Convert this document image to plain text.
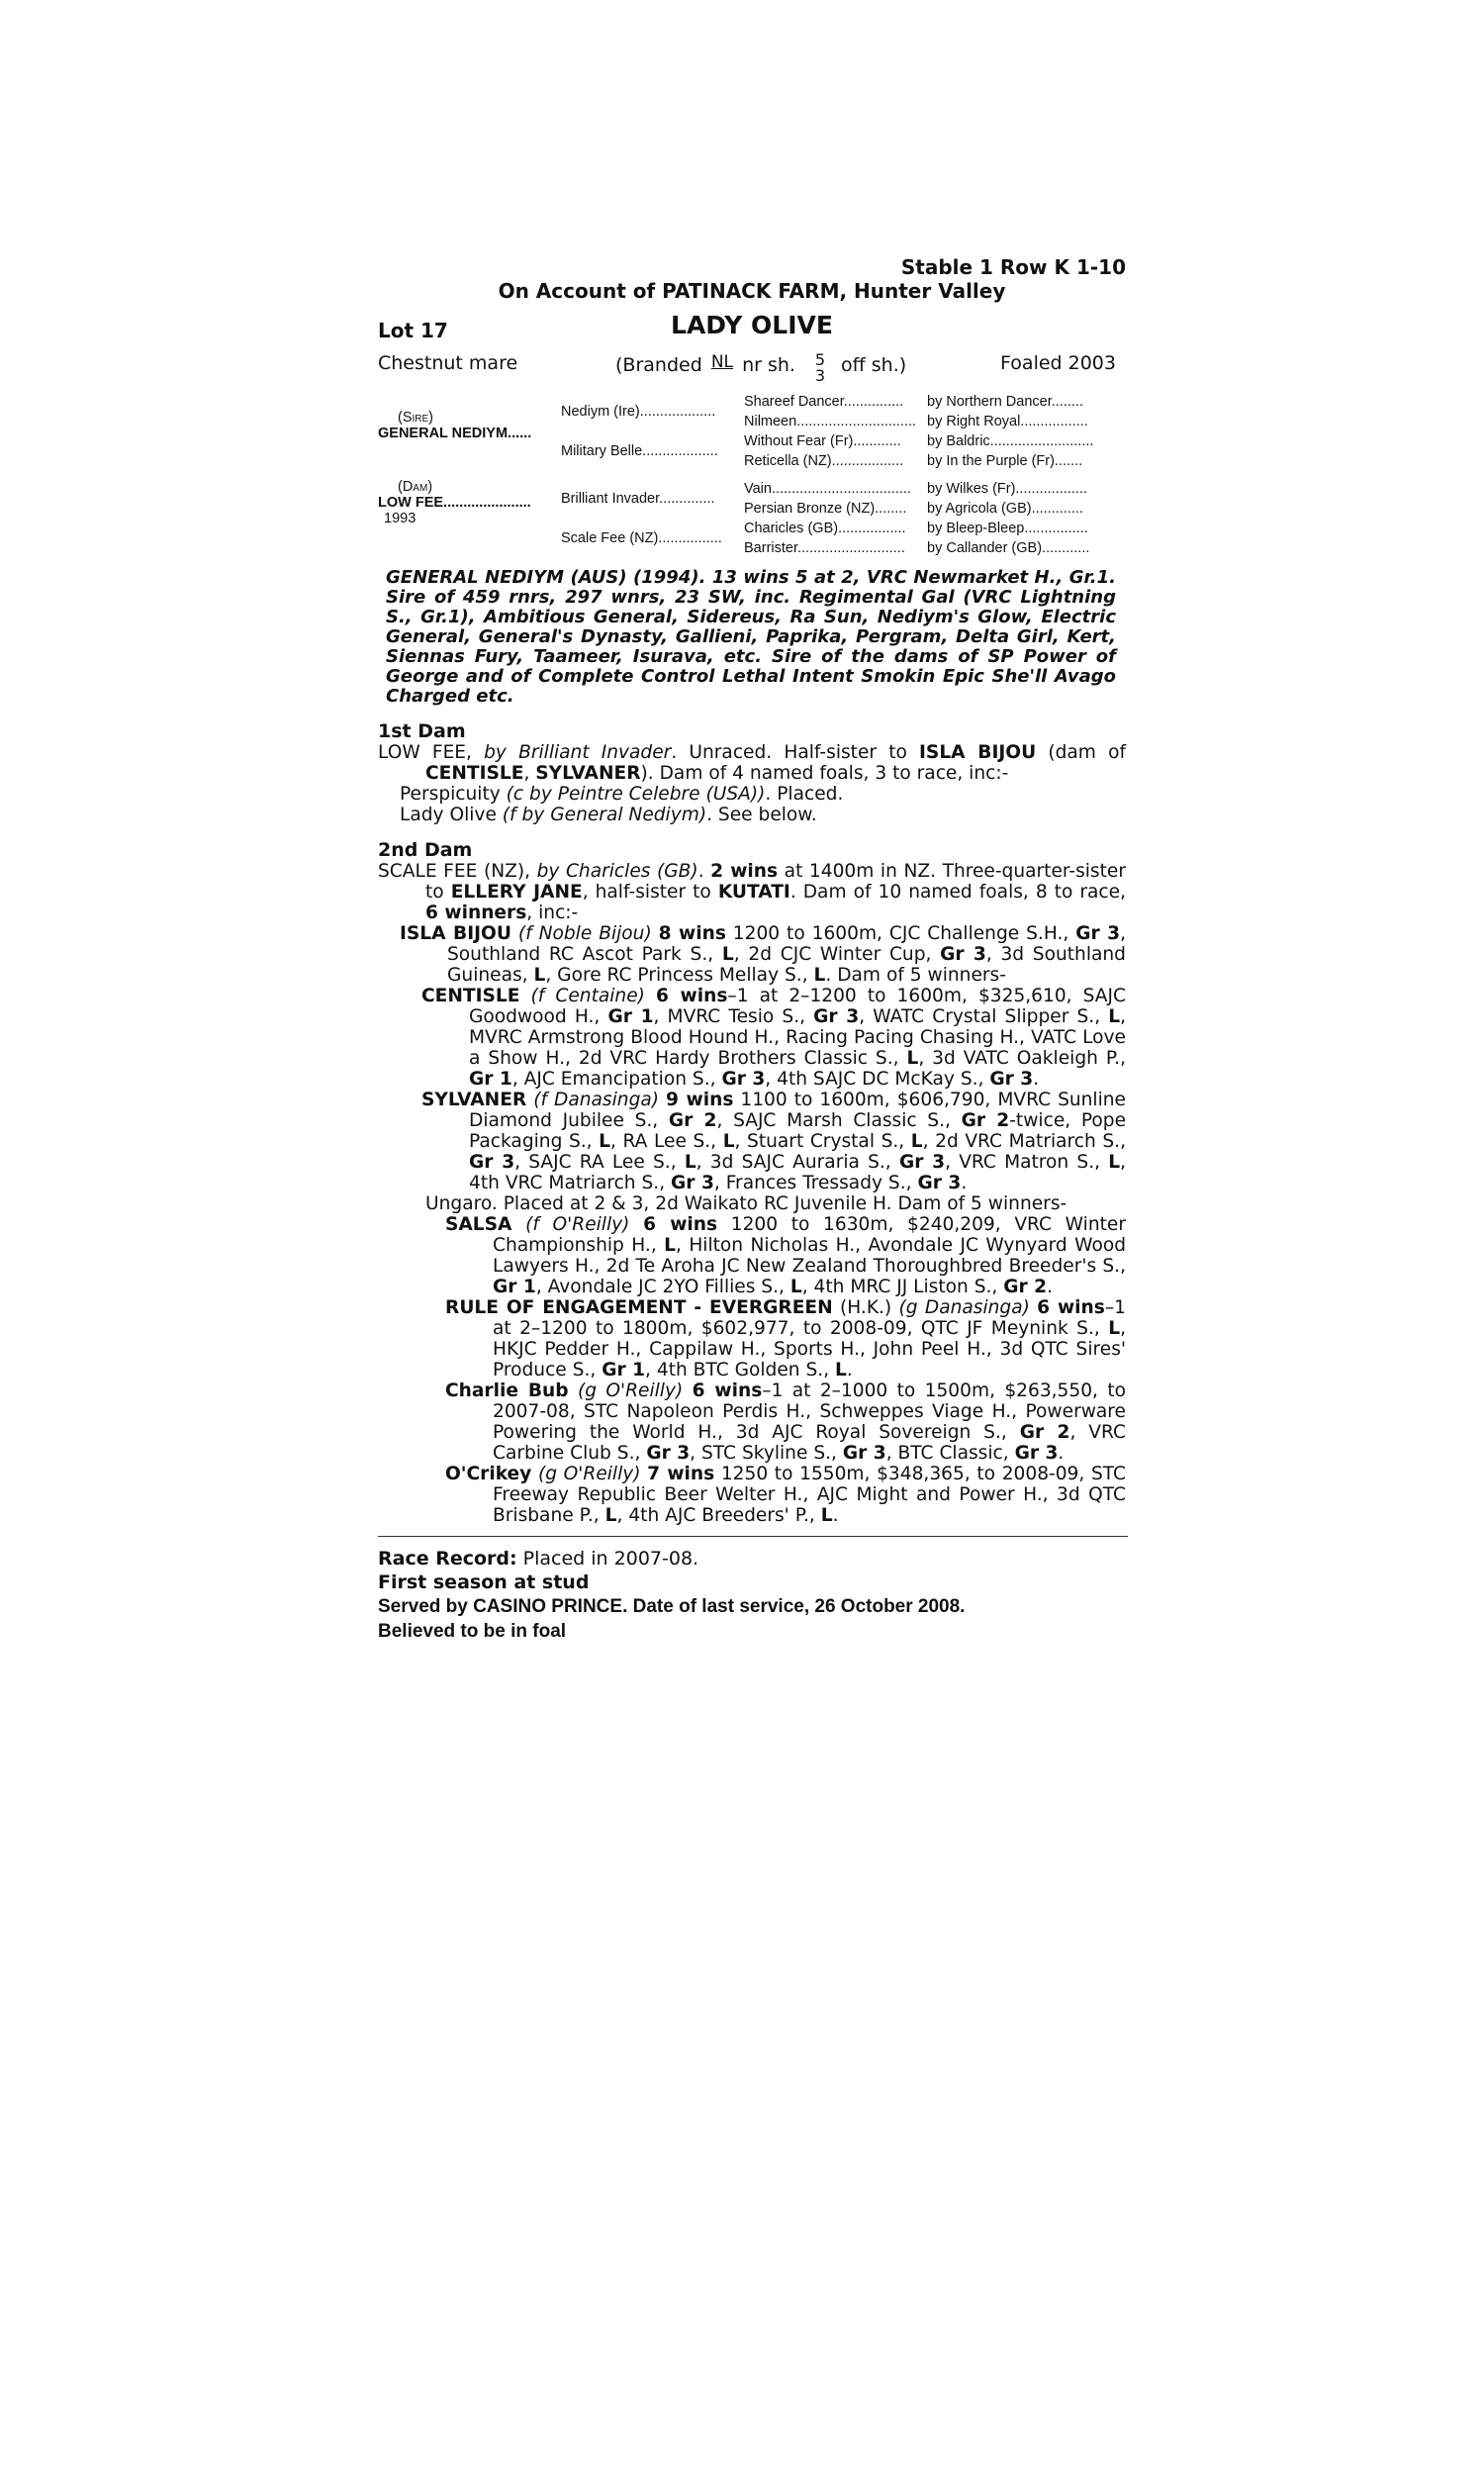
Stable 1 Row K 1-10
On Account of PATINACK FARM, Hunter Valley
Lot 17	LADY OLIVE
Chestnut mare	(Branded NL nr sh. 5
3 off sh.)	Foaled 2003
(Sire)
GENERAL NEDIYM......	Nediym (Ire)...................	Shareef Dancer...............	by Northern Dancer........
		Nilmeen..............................	by Right Royal.................
	Military Belle...................	Without Fear (Fr)............	by Baldric..........................
		Reticella (NZ)..................	by In the Purple (Fr).......

(Dam)
LOW FEE......................
1993	Brilliant Invader..............	Vain...................................	by Wilkes (Fr)..................
		Persian Bronze (NZ)........	by Agricola (GB).............
	Scale Fee (NZ)................	Charicles (GB).................	by Bleep-Bleep................
		Barrister...........................	by Callander (GB)............
GENERAL NEDIYM (AUS) (1994). 13 wins 5 at 2, VRC Newmarket H., Gr.1. Sire of 459 rnrs, 297 wnrs, 23 SW, inc. Regimental Gal (VRC Lightning S., Gr.1), Ambitious General, Sidereus, Ra Sun, Nediym's Glow, Electric General, General's Dynasty, Gallieni, Paprika, Pergram, Delta Girl, Kert, Siennas Fury, Taameer, Isurava, etc. Sire of the dams of SP Power of George and of Complete Control Lethal Intent Smokin Epic She'll Avago Charged etc.
1st Dam
LOW FEE, by Brilliant Invader. Unraced. Half-sister to ISLA BIJOU (dam of CENTISLE, SYLVANER). Dam of 4 named foals, 3 to race, inc:-
Perspicuity (c by Peintre Celebre (USA)). Placed.
Lady Olive (f by General Nediym). See below.
2nd Dam
SCALE FEE (NZ), by Charicles (GB). 2 wins at 1400m in NZ. Three-quarter-sister to ELLERY JANE, half-sister to KUTATI. Dam of 10 named foals, 8 to race, 6 winners, inc:-
ISLA BIJOU (f Noble Bijou) 8 wins 1200 to 1600m, CJC Challenge S.H., Gr 3, Southland RC Ascot Park S., L, 2d CJC Winter Cup, Gr 3, 3d Southland Guineas, L, Gore RC Princess Mellay S., L. Dam of 5 winners-
CENTISLE (f Centaine) 6 wins–1 at 2–1200 to 1600m, $325,610, SAJC Goodwood H., Gr 1, MVRC Tesio S., Gr 3, WATC Crystal Slipper S., L, MVRC Armstrong Blood Hound H., Racing Pacing Chasing H., VATC Love a Show H., 2d VRC Hardy Brothers Classic S., L, 3d VATC Oakleigh P., Gr 1, AJC Emancipation S., Gr 3, 4th SAJC DC McKay S., Gr 3.
SYLVANER (f Danasinga) 9 wins 1100 to 1600m, $606,790, MVRC Sunline Diamond Jubilee S., Gr 2, SAJC Marsh Classic S., Gr 2-twice, Pope Packaging S., L, RA Lee S., L, Stuart Crystal S., L, 2d VRC Matriarch S., Gr 3, SAJC RA Lee S., L, 3d SAJC Auraria S., Gr 3, VRC Matron S., L, 4th VRC Matriarch S., Gr 3, Frances Tressady S., Gr 3.
Ungaro. Placed at 2 & 3, 2d Waikato RC Juvenile H. Dam of 5 winners-
SALSA (f O'Reilly) 6 wins 1200 to 1630m, $240,209, VRC Winter Championship H., L, Hilton Nicholas H., Avondale JC Wynyard Wood Lawyers H., 2d Te Aroha JC New Zealand Thoroughbred Breeder's S., Gr 1, Avondale JC 2YO Fillies S., L, 4th MRC JJ Liston S., Gr 2.
RULE OF ENGAGEMENT - EVERGREEN (H.K.) (g Danasinga) 6 wins–1 at 2–1200 to 1800m, $602,977, to 2008-09, QTC JF Meynink S., L, HKJC Pedder H., Cappilaw H., Sports H., John Peel H., 3d QTC Sires' Produce S., Gr 1, 4th BTC Golden S., L.
Charlie Bub (g O'Reilly) 6 wins–1 at 2–1000 to 1500m, $263,550, to 2007-08, STC Napoleon Perdis H., Schweppes Viage H., Powerware Powering the World H., 3d AJC Royal Sovereign S., Gr 2, VRC Carbine Club S., Gr 3, STC Skyline S., Gr 3, BTC Classic, Gr 3.
O'Crikey (g O'Reilly) 7 wins 1250 to 1550m, $348,365, to 2008-09, STC Freeway Republic Beer Welter H., AJC Might and Power H., 3d QTC Brisbane P., L, 4th AJC Breeders' P., L.
Race Record: Placed in 2007-08.
First season at stud
Served by CASINO PRINCE. Date of last service, 26 October 2008.
Believed to be in foal
